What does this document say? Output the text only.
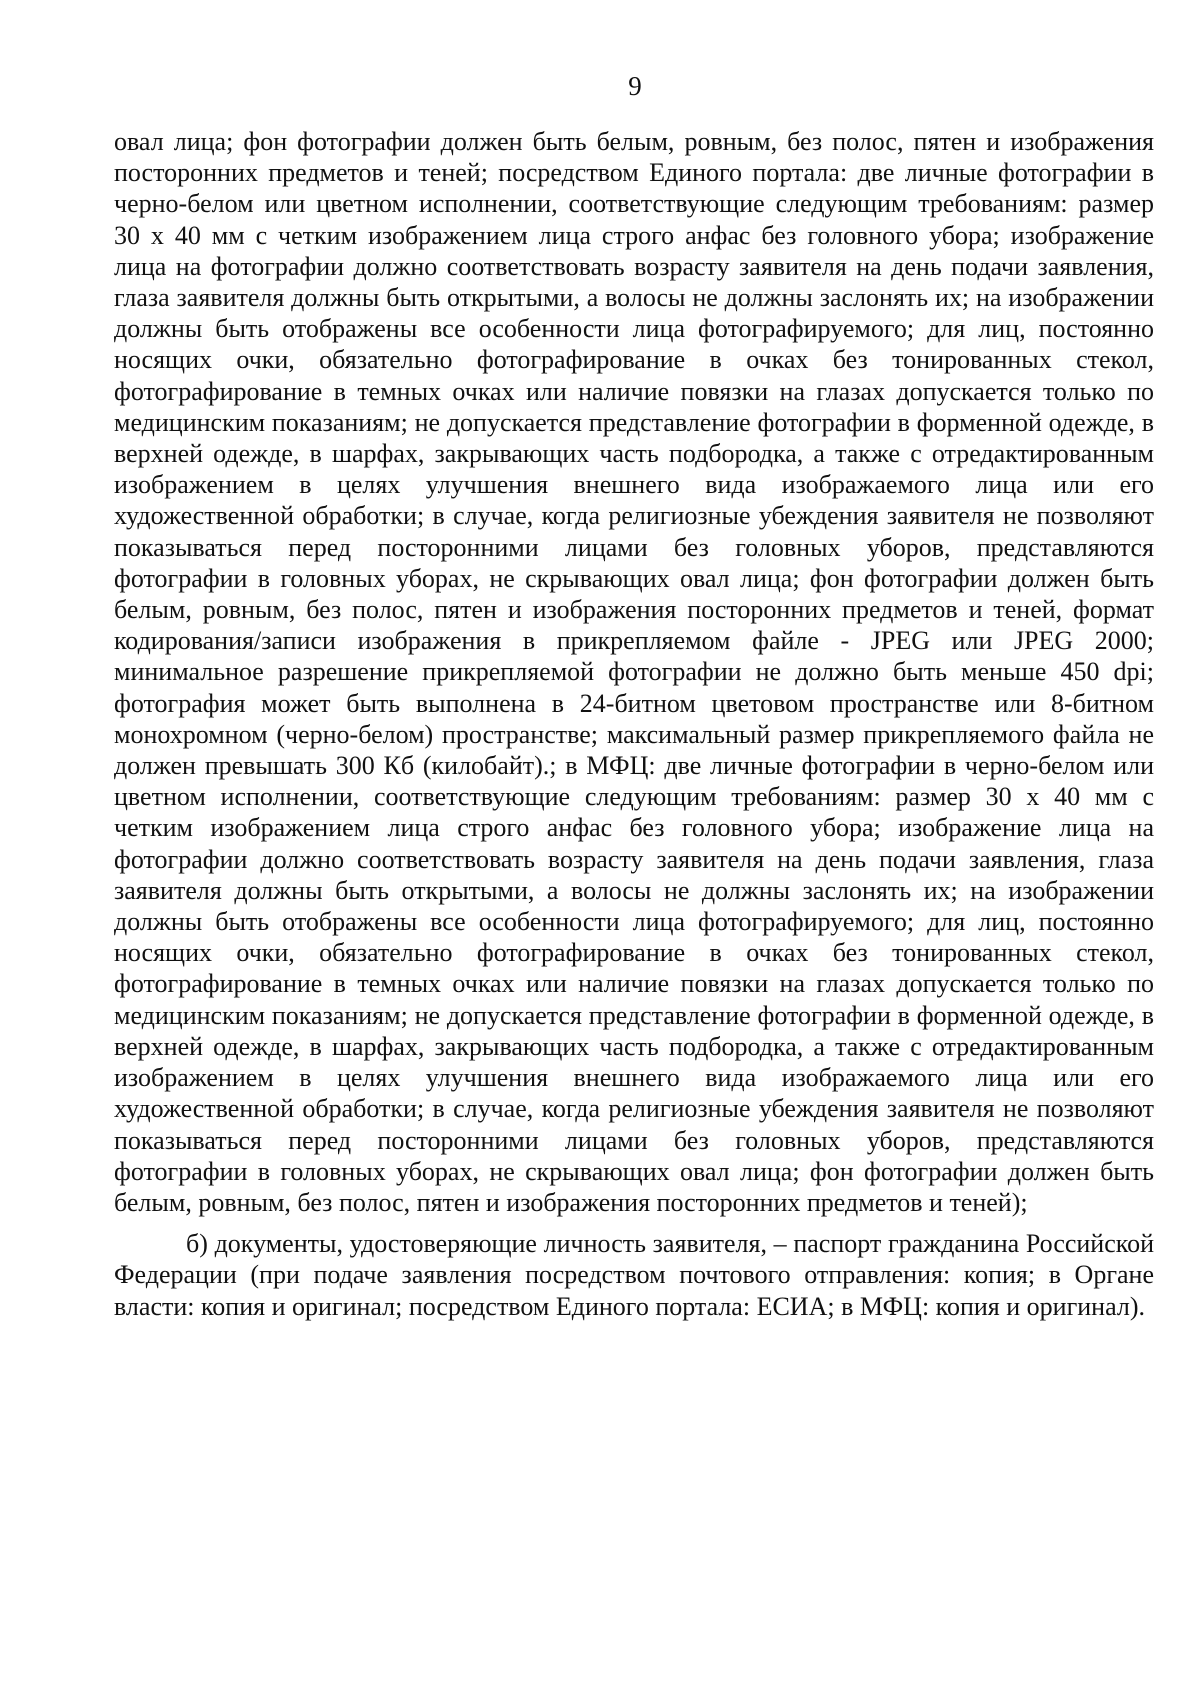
9

овал лица; фон фотографии должен быть белым, ровным, без полос, пятен и изображения посторонних предметов и теней; посредством Единого портала: две личные фотографии в черно-белом или цветном исполнении, соответствующие следующим требованиям: размер 30 x 40 мм с четким изображением лица строго анфас без головного убора; изображение лица на фотографии должно соответствовать возрасту заявителя на день подачи заявления, глаза заявителя должны быть открытыми, а волосы не должны заслонять их; на изображении должны быть отображены все особенности лица фотографируемого; для лиц, постоянно носящих очки, обязательно фотографирование в очках без тонированных стекол, фотографирование в темных очках или наличие повязки на глазах допускается только по медицинским показаниям; не допускается представление фотографии в форменной одежде, в верхней одежде, в шарфах, закрывающих часть подбородка, а также с отредактированным изображением в целях улучшения внешнего вида изображаемого лица или его художественной обработки; в случае, когда религиозные убеждения заявителя не позволяют показываться перед посторонними лицами без головных уборов, представляются фотографии в головных уборах, не скрывающих овал лица; фон фотографии должен быть белым, ровным, без полос, пятен и изображения посторонних предметов и теней, формат кодирования/записи изображения в прикрепляемом файле - JPEG или JPEG 2000; минимальное разрешение прикрепляемой фотографии не должно быть меньше 450 dpi; фотография может быть выполнена в 24-битном цветовом пространстве или 8-битном монохромном (черно-белом) пространстве; максимальный размер прикрепляемого файла не должен превышать 300 Кб (килобайт).; в МФЦ: две личные фотографии в черно-белом или цветном исполнении, соответствующие следующим требованиям: размер 30 x 40 мм с четким изображением лица строго анфас без головного убора; изображение лица на фотографии должно соответствовать возрасту заявителя на день подачи заявления, глаза заявителя должны быть открытыми, а волосы не должны заслонять их; на изображении должны быть отображены все особенности лица фотографируемого; для лиц, постоянно носящих очки, обязательно фотографирование в очках без тонированных стекол, фотографирование в темных очках или наличие повязки на глазах допускается только по медицинским показаниям; не допускается представление фотографии в форменной одежде, в верхней одежде, в шарфах, закрывающих часть подбородка, а также с отредактированным изображением в целях улучшения внешнего вида изображаемого лица или его художественной обработки; в случае, когда религиозные убеждения заявителя не позволяют показываться перед посторонними лицами без головных уборов, представляются фотографии в головных уборах, не скрывающих овал лица; фон фотографии должен быть белым, ровным, без полос, пятен и изображения посторонних предметов и теней);

б) документы, удостоверяющие личность заявителя, – паспорт гражданина Российской Федерации (при подаче заявления посредством почтового отправления: копия; в Органе власти: копия и оригинал; посредством Единого портала: ЕСИА; в МФЦ: копия и оригинал).
